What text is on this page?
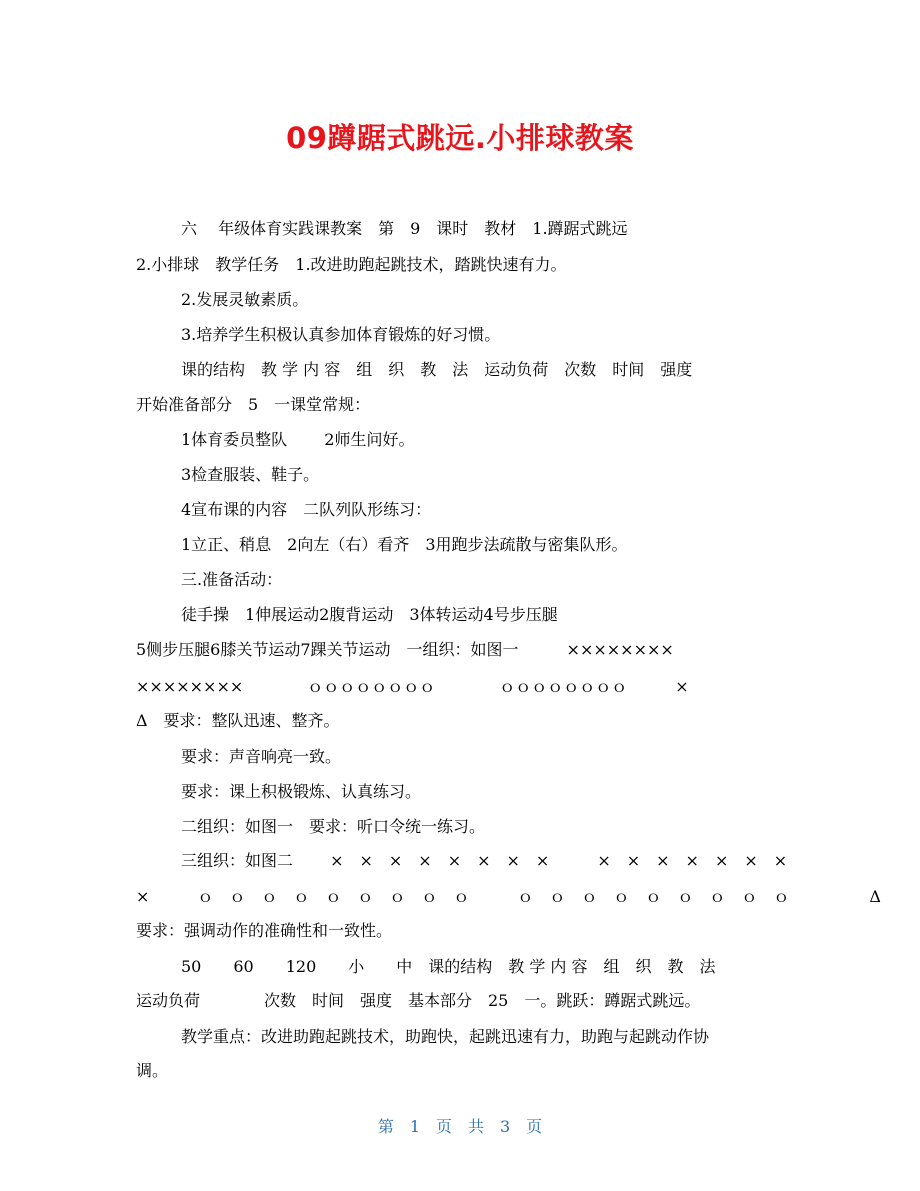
09蹲踞式跳远.小排球教案
六　 年级体育实践课教案　第　9　课时　教材　1.蹲踞式跳远
2.小排球　教学任务　1.改进助跑起跳技术，踏跳快速有力。
2.发展灵敏素质。
3.培养学生积极认真参加体育锻炼的好习惯。
课的结构　教 学 内 容　组　织　教　法　运动负荷　次数　时间　强度
开始准备部分　5　一课堂常规：
1体育委员整队　　 2师生问好。
3检查服装、鞋子。
4宣布课的内容　二队列队形练习：
1立正、稍息　2向左（右）看齐　3用跑步法疏散与密集队形。
三.准备活动：
徒手操　1伸展运动2腹背运动　3体转运动4号步压腿
5侧步压腿6膝关节运动7踝关节运动　一组织：如图一　　　××××××××
××××××××　　　　ｏｏｏｏｏｏｏｏ　　　　ｏｏｏｏｏｏｏｏ　　　×
Δ　要求：整队迅速、整齐。
要求：声音响亮一致。
要求：课上积极锻炼、认真练习。
二组织：如图一　要求：听口令统一练习。
三组织：如图二　　 ×　×　×　×　×　×　×　×　　　×　×　×　×　×　×　×
×　　　ｏ　ｏ　ｏ　ｏ　ｏ　ｏ　ｏ　ｏ　ｏ　　　ｏ　ｏ　ｏ　ｏ　ｏ　ｏ　ｏ　ｏ　ｏ　　　　　Δ
要求：强调动作的准确性和一致性。
50　　60　　120　　小　　中　课的结构　教 学 内 容　组　织　教　法
运动负荷　　　　次数　时间　强度　基本部分　25　一。跳跃：蹲踞式跳远。
教学重点：改进助跑起跳技术，助跑快，起跳迅速有力，助跑与起跳动作协
调。
第　1　页　共　3　页
